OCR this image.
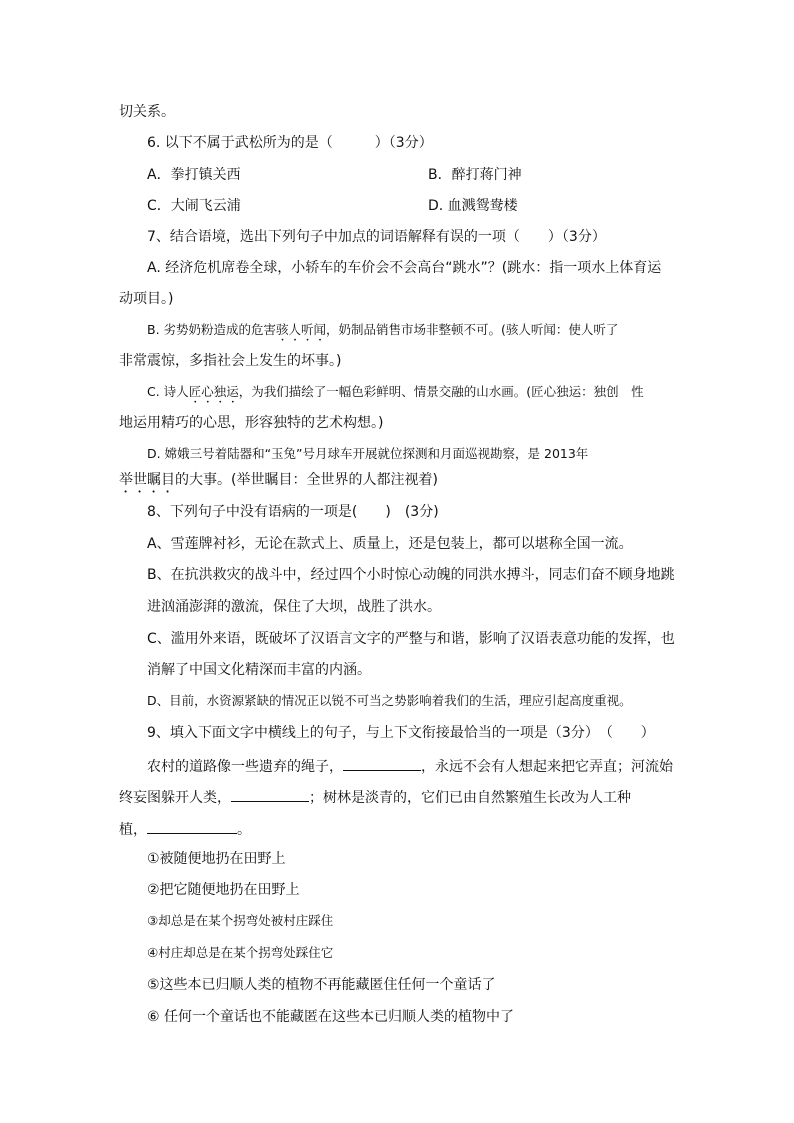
切关系。
6. 以下不属于武松所为的是（　　　）（3分）
A．拳打镇关西	B．醉打蒋门神
C．大闹飞云浦	D. 血溅鸳鸯楼
7、结合语境，选出下列句子中加点的词语解释有误的一项（　　）（3分）
A. 经济危机席卷全球，小轿车的车价会不会高台“跳水”？(跳水：指一项水上体育运
动项目。)
B. 劣势奶粉造成的危害骇人听闻，奶制品销售市场非整顿不可。(骇人听闻：使人听了
非常震惊，多指社会上发生的坏事。)
C. 诗人匠心独运，为我们描绘了一幅色彩鲜明、情景交融的山水画。(匠心独运：独创　性
地运用精巧的心思，形容独特的艺术构想。)
D. 嫦娥三号着陆器和“玉兔”号月球车开展就位探测和月面巡视勘察，是 2013年
举世瞩目的大事。(举世瞩目：全世界的人都注视着)
8、下列句子中没有语病的一项是(　　)　(3分)
A、雪莲牌衬衫，无论在款式上、质量上，还是包装上，都可以堪称全国一流。
B、在抗洪救灾的战斗中，经过四个小时惊心动魄的同洪水搏斗，同志们奋不顾身地跳
进汹涌澎湃的激流，保住了大坝，战胜了洪水。
C、滥用外来语，既破坏了汉语言文字的严整与和谐，影响了汉语表意功能的发挥，也
消解了中国文化精深而丰富的内涵。
D、目前，水资源紧缺的情况正以锐不可当之势影响着我们的生活，理应引起高度重视。
9、填入下面文字中横线上的句子，与上下文衔接最恰当的一项是（3分）　（　　）
农村的道路像一些遗弃的绳子，	，永远不会有人想起来把它弄直；河流始
终妄图躲开人类，	；树林是淡青的，它们已由自然繁殖生长改为人工种
植，	。
①被随便地扔在田野上
②把它随便地扔在田野上
③却总是在某个拐弯处被村庄踩住
④村庄却总是在某个拐弯处踩住它
⑤这些本已归顺人类的植物不再能藏匿住任何一个童话了
⑥ 任何一个童话也不能藏匿在这些本已归顺人类的植物中了
